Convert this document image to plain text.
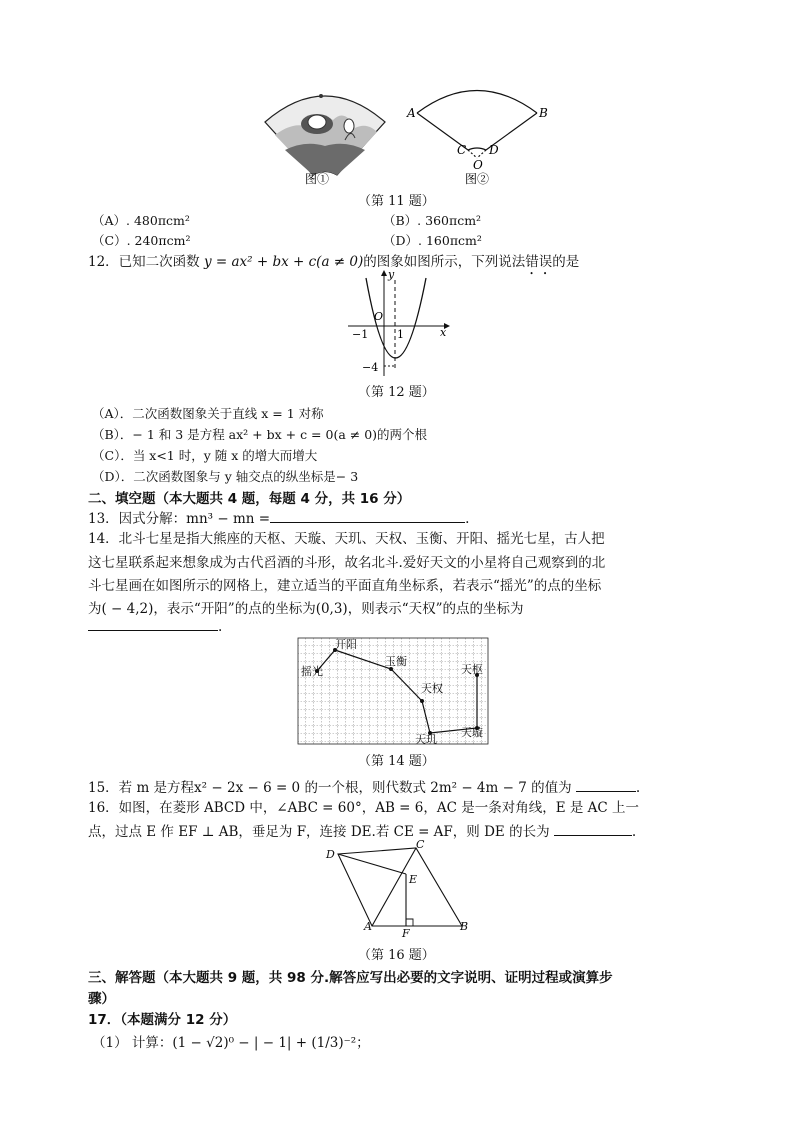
A	B
C D
O
图①	图②
（第 11 题）
（A）. 480πcm²	（B）. 360πcm²
（C）. 240πcm²	（D）. 160πcm²
12．已知二次函数 y = ax² + bx + c(a ≠ 0)的图象如图所示，下列说法错误的是
y
x
O
−1	1
−4
（第 12 题）
（A）．二次函数图象关于直线 x = 1 对称
（B）．− 1 和 3 是方程 ax² + bx + c = 0(a ≠ 0)的两个根
（C）．当 x<1 时，y 随 x 的增大而增大
（D）．二次函数图象与 y 轴交点的纵坐标是− 3
二、填空题（本大题共 4 题，每题 4 分，共 16 分）
13．因式分解：mn³ − mn =	.
14．北斗七星是指大熊座的天枢、天璇、天玑、天权、玉衡、开阳、摇光七星，古人把
这七星联系起来想象成为古代舀酒的斗形，故名北斗.爱好天文的小星将自己观察到的北
斗七星画在如图所示的网格上，建立适当的平面直角坐标系，若表示“摇光”的点的坐标
为( − 4,2)，表示“开阳”的点的坐标为(0,3)，则表示“天权”的点的坐标为
.
开阳
摇光
玉衡
天枢
天权
天玑
天璇
（第 14 题）
15．若 m 是方程x² − 2x − 6 = 0 的一个根，则代数式 2m² − 4m − 7 的值为	.
16．如图，在菱形 ABCD 中，∠ABC = 60°，AB = 6，AC 是一条对角线，E 是 AC 上一
点，过点 E 作 EF ⊥ AB，垂足为 F，连接 DE.若 CE = AF，则 DE 的长为	.
D
C
E
A
F
B
（第 16 题）
三、解答题（本大题共 9 题，共 98 分.解答应写出必要的文字说明、证明过程或演算步
骤）
17．（本题满分 12 分）
（1） 计算：(1 − √2)⁰ − | − 1| + (1/3)⁻²；
